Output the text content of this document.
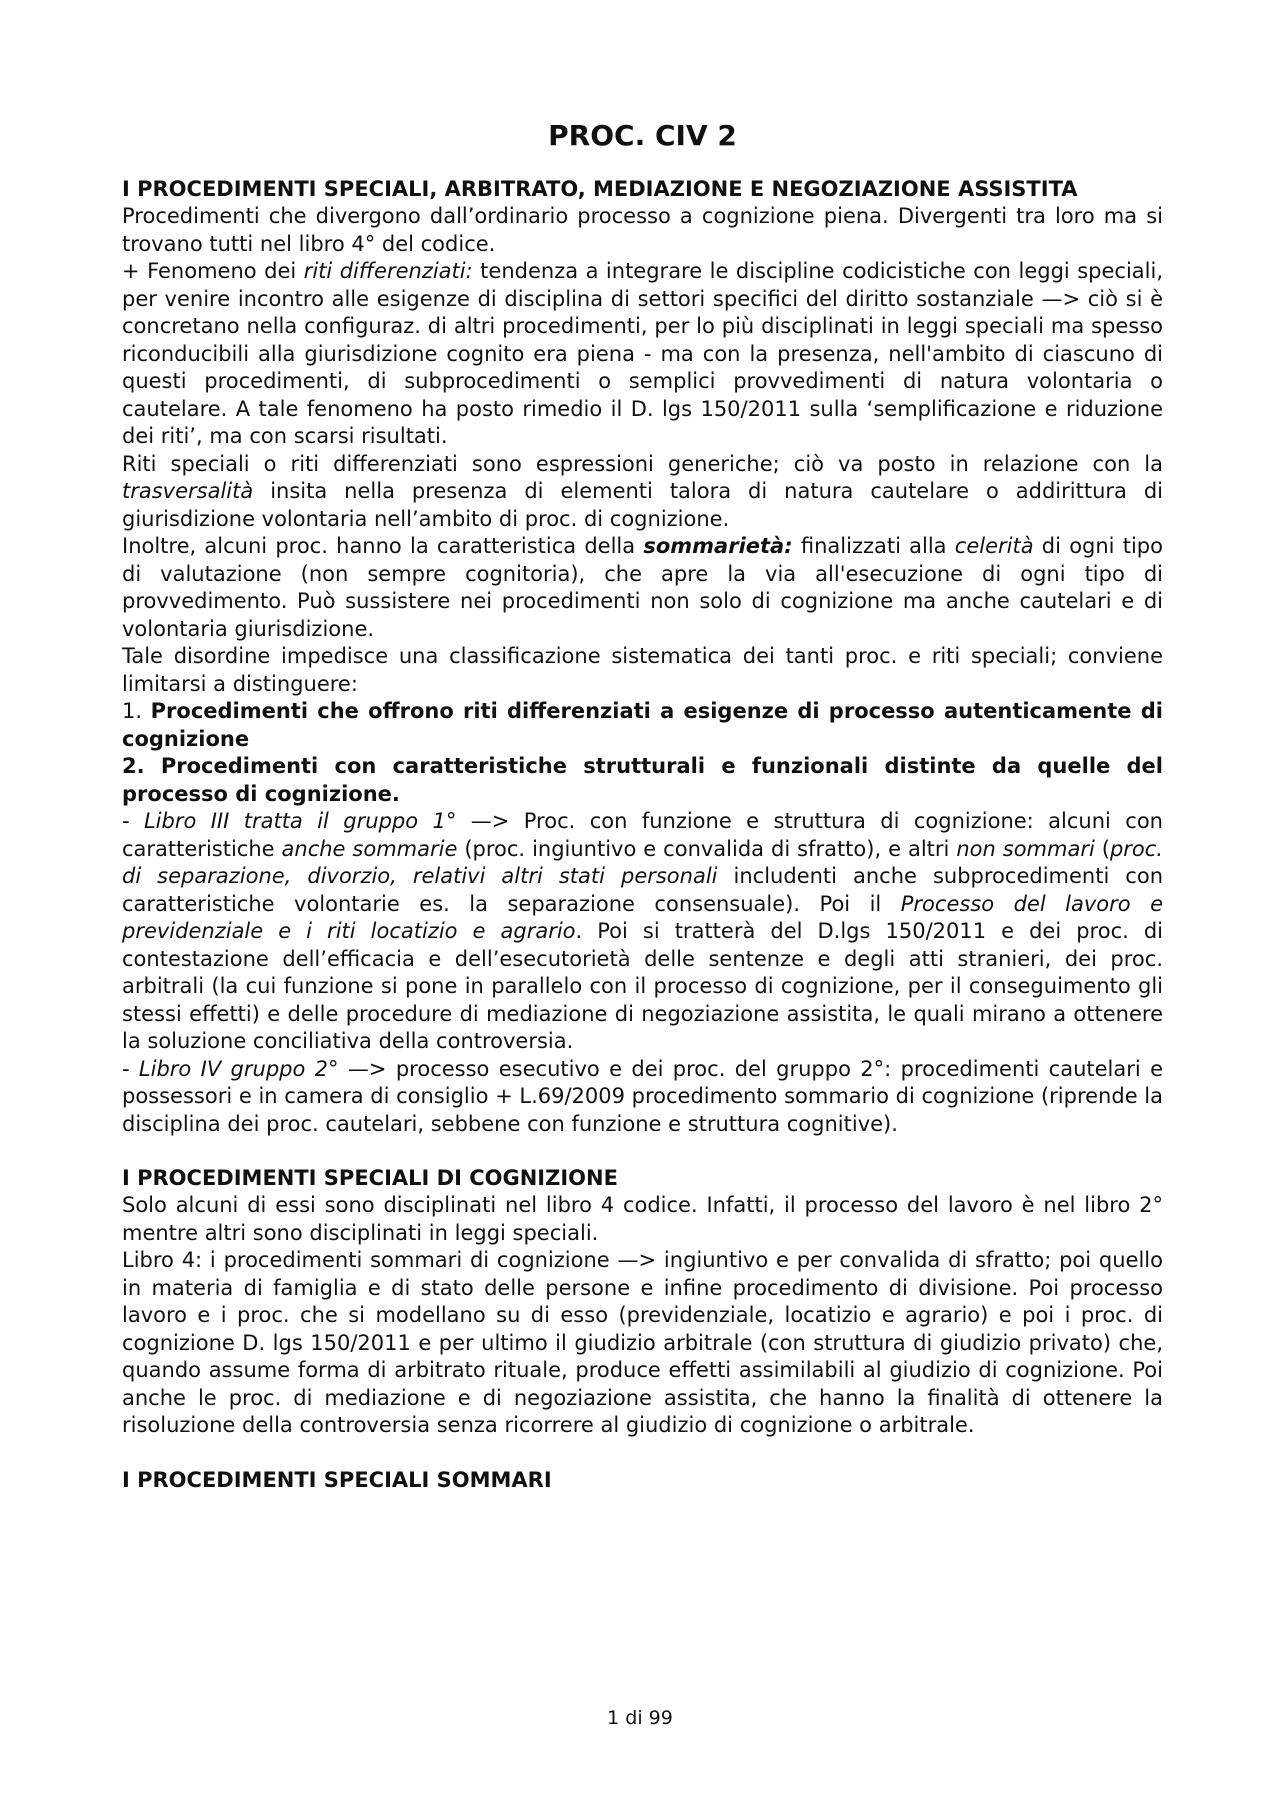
PROC. CIV 2
I PROCEDIMENTI SPECIALI, ARBITRATO, MEDIAZIONE E NEGOZIAZIONE ASSISTITA

Procedimenti che divergono dall’ordinario processo a cognizione piena. Divergenti tra loro ma si trovano tutti nel libro 4° del codice.

+ Fenomeno dei riti differenziati: tendenza a integrare le discipline codicistiche con leggi speciali, per venire incontro alle esigenze di disciplina di settori specifici del diritto sostanziale —> ciò si è concretano nella configuraz. di altri procedimenti, per lo più disciplinati in leggi speciali ma spesso riconducibili alla giurisdizione cognito era piena - ma con la presenza, nell'ambito di ciascuno di questi procedimenti, di subprocedimenti o semplici provvedimenti di natura volontaria o cautelare. A tale fenomeno ha posto rimedio il D. lgs 150/2011 sulla ‘semplificazione e riduzione dei riti’, ma con scarsi risultati.

Riti speciali o riti differenziati sono espressioni generiche; ciò va posto in relazione con la trasversalità insita nella presenza di elementi talora di natura cautelare o addirittura di giurisdizione volontaria nell’ambito di proc. di cognizione.

Inoltre, alcuni proc. hanno la caratteristica della sommarietà: finalizzati alla celerità di ogni tipo di valutazione (non sempre cognitoria), che apre la via all'esecuzione di ogni tipo di provvedimento. Può sussistere nei procedimenti non solo di cognizione ma anche cautelari e di volontaria giurisdizione.

Tale disordine impedisce una classificazione sistematica dei tanti proc. e riti speciali; conviene limitarsi a distinguere:

1. Procedimenti che offrono riti differenziati a esigenze di processo autenticamente di cognizione

2. Procedimenti con caratteristiche strutturali e funzionali distinte da quelle del processo di cognizione.

- Libro III tratta il gruppo 1° —> Proc. con funzione e struttura di cognizione: alcuni con caratteristiche anche sommarie (proc. ingiuntivo e convalida di sfratto), e altri non sommari (proc. di separazione, divorzio, relativi altri stati personali includenti anche subprocedimenti con caratteristiche volontarie es. la separazione consensuale). Poi il Processo del lavoro e previdenziale e i riti locatizio e agrario. Poi si tratterà del D.lgs 150/2011 e dei proc. di contestazione dell’efficacia e dell’esecutorietà delle sentenze e degli atti stranieri, dei proc. arbitrali (la cui funzione si pone in parallelo con il processo di cognizione, per il conseguimento gli stessi effetti) e delle procedure di mediazione di negoziazione assistita, le quali mirano a ottenere la soluzione conciliativa della controversia.

- Libro IV gruppo 2° —> processo esecutivo e dei proc. del gruppo 2°: procedimenti cautelari e possessori e in camera di consiglio + L.69/2009 procedimento sommario di cognizione (riprende la disciplina dei proc. cautelari, sebbene con funzione e struttura cognitive).

I PROCEDIMENTI SPECIALI DI COGNIZIONE

Solo alcuni di essi sono disciplinati nel libro 4 codice. Infatti, il processo del lavoro è nel libro 2° mentre altri sono disciplinati in leggi speciali.

Libro 4: i procedimenti sommari di cognizione —> ingiuntivo e per convalida di sfratto; poi quello in materia di famiglia e di stato delle persone e infine procedimento di divisione. Poi processo lavoro e i proc. che si modellano su di esso (previdenziale, locatizio e agrario) e poi i proc. di cognizione D. lgs 150/2011 e per ultimo il giudizio arbitrale (con struttura di giudizio privato) che, quando assume forma di arbitrato rituale, produce effetti assimilabili al giudizio di cognizione. Poi anche le proc. di mediazione e di negoziazione assistita, che hanno la finalità di ottenere la risoluzione della controversia senza ricorrere al giudizio di cognizione o arbitrale.

I PROCEDIMENTI SPECIALI SOMMARI
1 di 99
